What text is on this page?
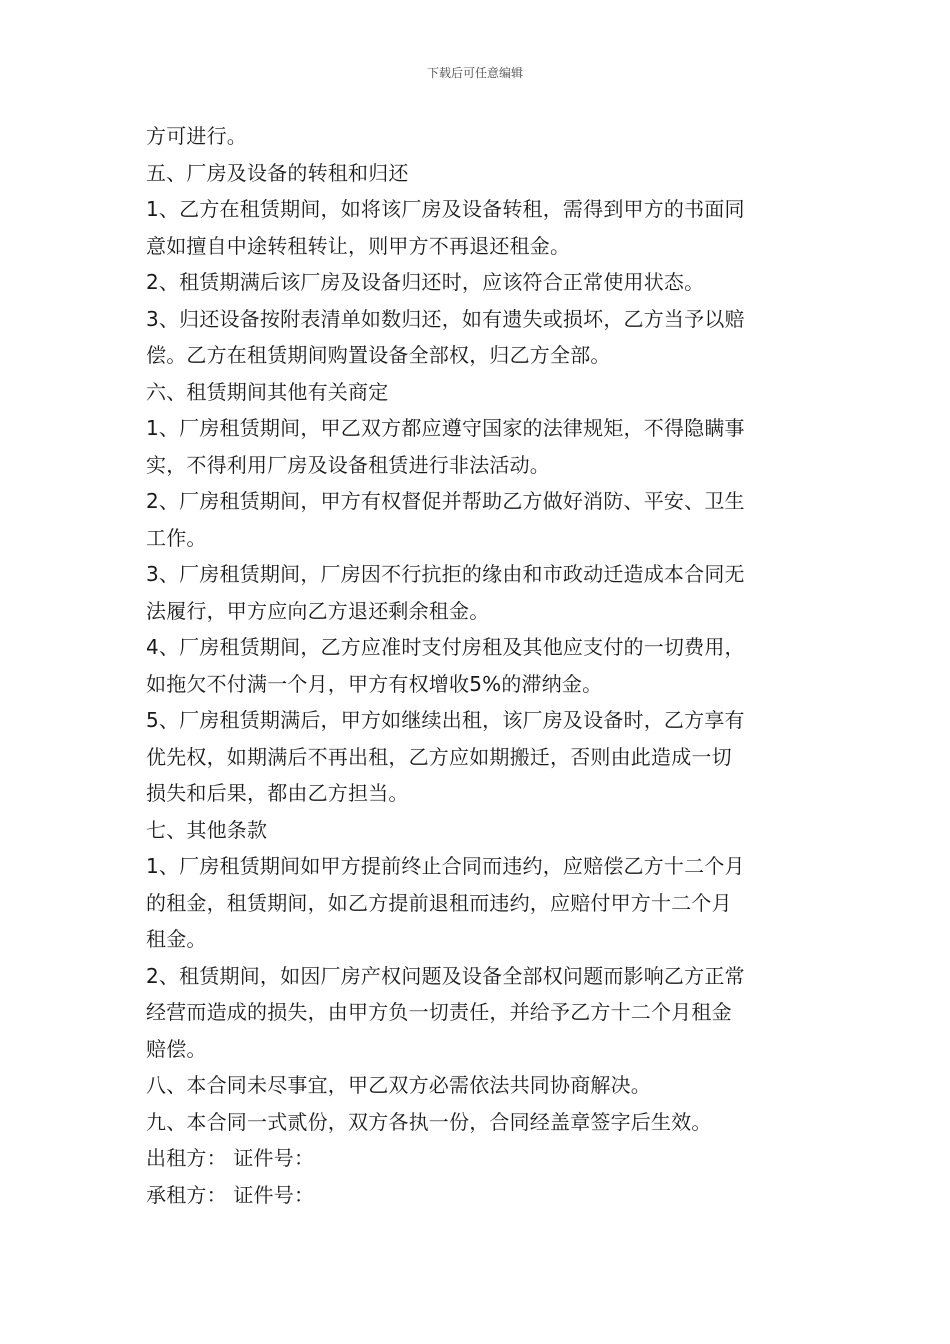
下载后可任意编辑
方可进行。
五、厂房及设备的转租和归还
1、乙方在租赁期间，如将该厂房及设备转租，需得到甲方的书面同
意如擅自中途转租转让，则甲方不再退还租金。
2、租赁期满后该厂房及设备归还时，应该符合正常使用状态。
3、归还设备按附表清单如数归还，如有遗失或损坏，乙方当予以赔
偿。乙方在租赁期间购置设备全部权，归乙方全部。
六、租赁期间其他有关商定
1、厂房租赁期间，甲乙双方都应遵守国家的法律规矩，不得隐瞒事
实，不得利用厂房及设备租赁进行非法活动。
2、厂房租赁期间，甲方有权督促并帮助乙方做好消防、平安、卫生
工作。
3、厂房租赁期间，厂房因不行抗拒的缘由和市政动迁造成本合同无
法履行，甲方应向乙方退还剩余租金。
4、厂房租赁期间，乙方应准时支付房租及其他应支付的一切费用，
如拖欠不付满一个月，甲方有权增收5%的滞纳金。
5、厂房租赁期满后，甲方如继续出租，该厂房及设备时，乙方享有
优先权，如期满后不再出租，乙方应如期搬迁，否则由此造成一切
损失和后果，都由乙方担当。
七、其他条款
1、厂房租赁期间如甲方提前终止合同而违约，应赔偿乙方十二个月
的租金，租赁期间，如乙方提前退租而违约，应赔付甲方十二个月
租金。
2、租赁期间，如因厂房产权问题及设备全部权问题而影响乙方正常
经营而造成的损失，由甲方负一切责任，并给予乙方十二个月租金
赔偿。
八、本合同未尽事宜，甲乙双方必需依法共同协商解决。
九、本合同一式贰份，双方各执一份，合同经盖章签字后生效。
出租方： 证件号：
承租方： 证件号：
